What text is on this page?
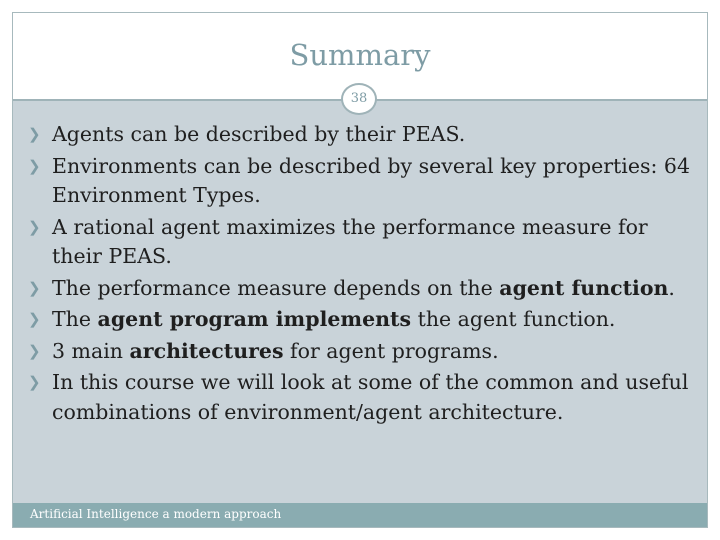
Summary
38
❯ Agents can be described by their PEAS.
❯ Environments can be described by several key properties: 64 Environment Types.
❯ A rational agent maximizes the performance measure for their PEAS.
❯ The performance measure depends on the agent function.
❯ The agent program implements the agent function.
❯ 3 main architectures for agent programs.
❯ In this course we will look at some of the common and useful combinations of environment/agent architecture.
Artificial Intelligence a modern approach
